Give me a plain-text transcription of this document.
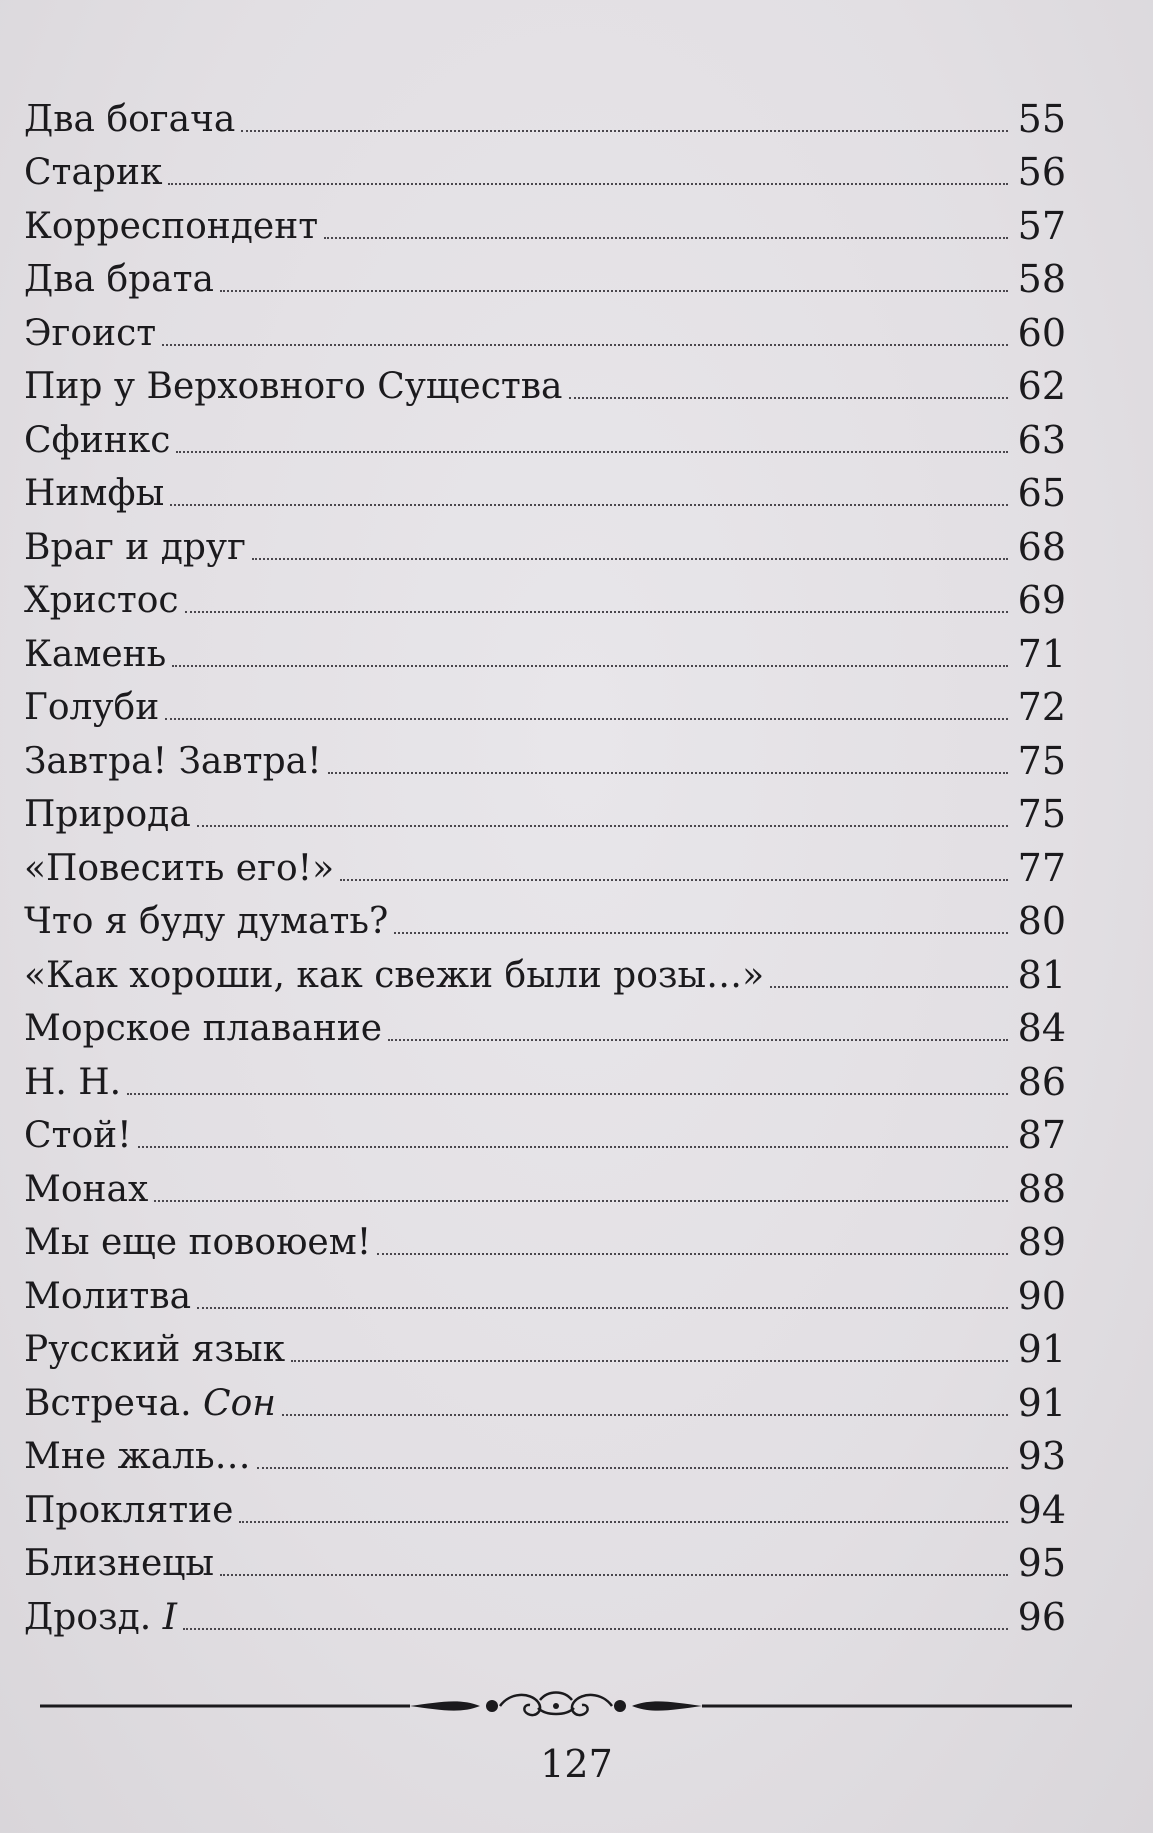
Два богача	55
Старик	56
Корреспондент	57
Два брата	58
Эгоист	60
Пир у Верховного Существа	62
Сфинкс	63
Нимфы	65
Враг и друг	68
Христос	69
Камень	71
Голуби	72
Завтра! Завтра!	75
Природа	75
«Повесить его!»	77
Что я буду думать?	80
«Как хороши, как свежи были розы…»	81
Морское плавание	84
Н. Н.	86
Стой!	87
Монах	88
Мы еще повоюем!	89
Молитва	90
Русский язык	91
Встреча. Сон	91
Мне жаль…	93
Проклятие	94
Близнецы	95
Дрозд. I	96
127
